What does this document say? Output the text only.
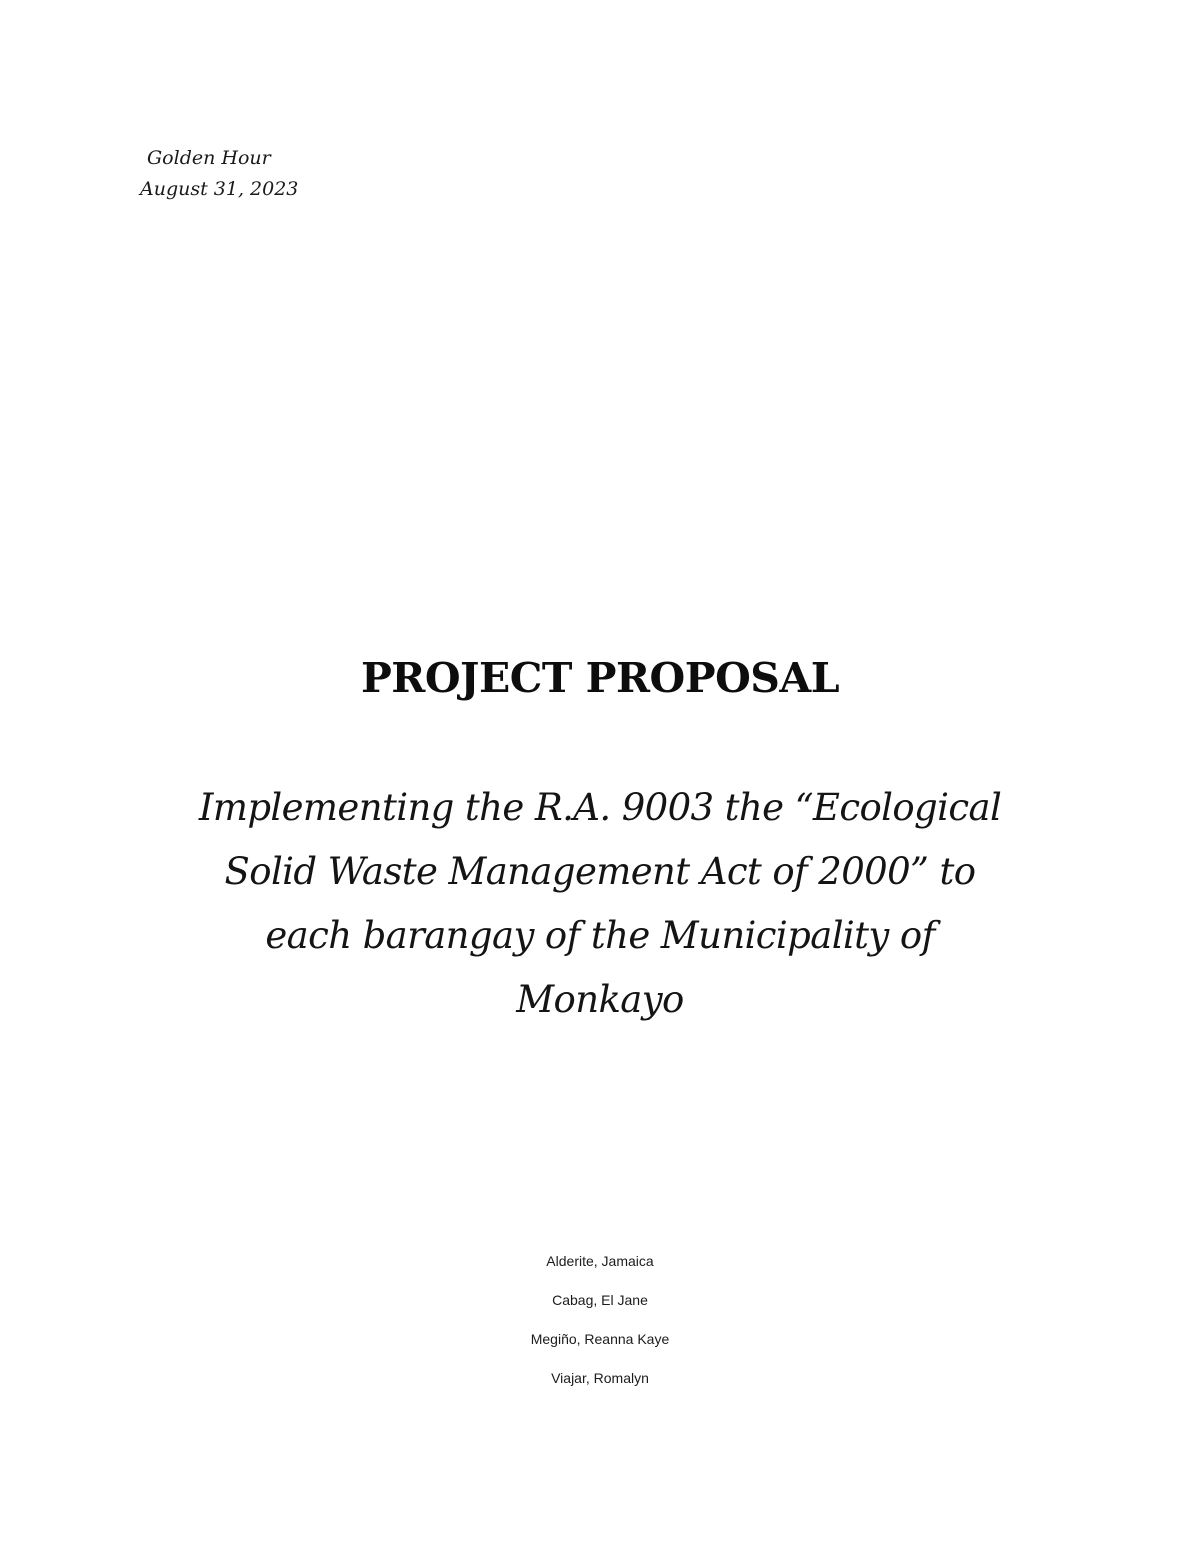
Golden Hour
August 31, 2023
PROJECT PROPOSAL
Implementing the R.A. 9003 the “Ecological
Solid Waste Management Act of 2000” to
each barangay of the Municipality of
Monkayo
Alderite, Jamaica
Cabag, El Jane
Megiño, Reanna Kaye
Viajar, Romalyn
